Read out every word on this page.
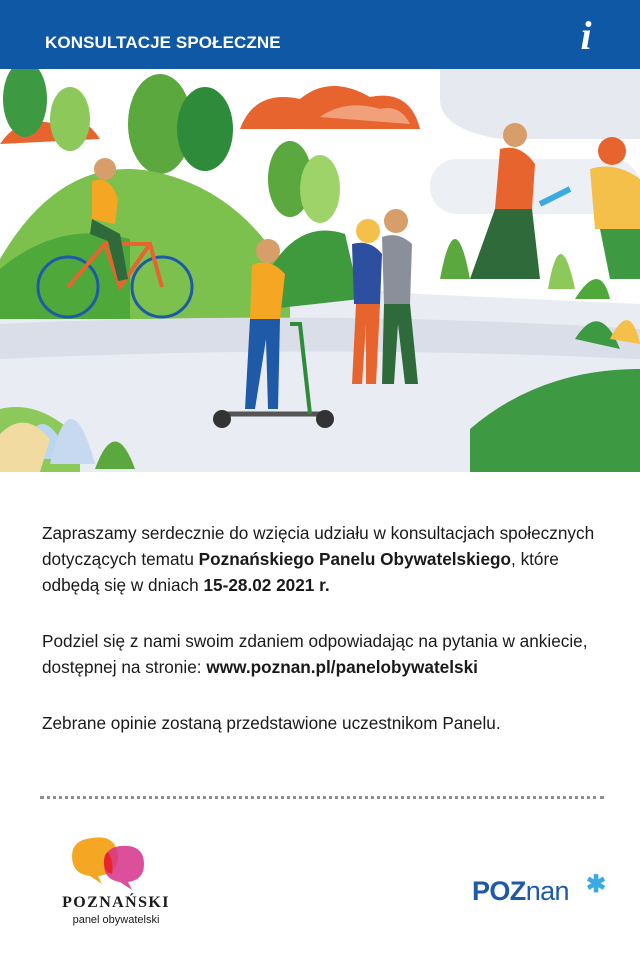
KONSULTACJE SPOŁECZNE	i

Zapraszamy serdecznie do wzięcia udziału w konsultacjach społecznych dotyczących tematu Poznańskiego Panelu Obywatelskiego, które odbędą się w dniach 15-28.02 2021 r.

Podziel się z nami swoim zdaniem odpowiadając na pytania w ankiecie, dostępnej na stronie: www.poznan.pl/panelobywatelski

Zebrane opinie zostaną przedstawione uczestnikom Panelu.

POZNAŃSKI
panel obywatelski
POZnan ✱
